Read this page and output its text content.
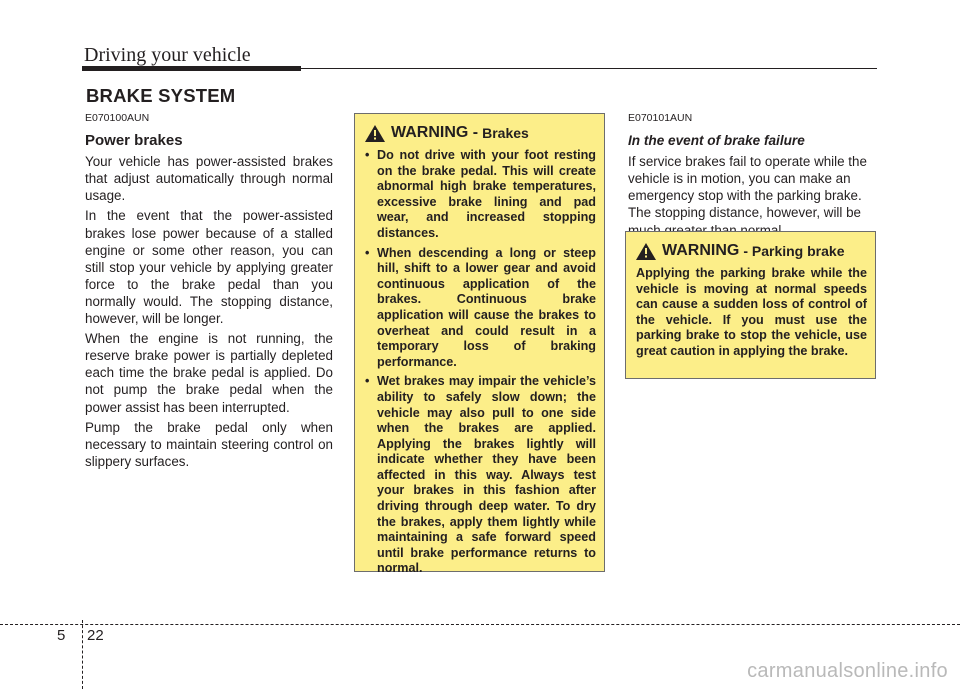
Driving your vehicle
BRAKE SYSTEM
E070100AUN
Power brakes

Your vehicle has power-assisted brakes that adjust automatically through normal usage.

In the event that the power-assisted brakes lose power because of a stalled engine or some other reason, you can still stop your vehicle by applying greater force to the brake pedal than you normally would. The stopping distance, however, will be longer.

When the engine is not running, the reserve brake power is partially depleted each time the brake pedal is applied. Do not pump the brake pedal when the power assist has been interrupted.

Pump the brake pedal only when necessary to maintain steering control on slippery surfaces.

WARNING - Brakes
• Do not drive with your foot resting on the brake pedal. This will create abnormal high brake temperatures, excessive brake lining and pad wear, and increased stopping distances.
• When descending a long or steep hill, shift to a lower gear and avoid continuous application of the brakes. Continuous brake application will cause the brakes to overheat and could result in a temporary loss of braking performance.
• Wet brakes may impair the vehicle’s ability to safely slow down; the vehicle may also pull to one side when the brakes are applied. Applying the brakes lightly will indicate whether they have been affected in this way. Always test your brakes in this fashion after driving through deep water. To dry the brakes, apply them lightly while maintaining a safe forward speed until brake performance returns to normal.
E070101AUN
In the event of brake failure

If service brakes fail to operate while the vehicle is in motion, you can make an emergency stop with the parking brake. The stopping distance, however, will be

WARNING - Parking brake

Applying the parking brake while the vehicle is moving at normal speeds can cause a sudden loss of control of the vehicle. If you must use the parking brake to stop the vehicle, use great caution in applying the brake.

5 22
carmanualsonline.info
